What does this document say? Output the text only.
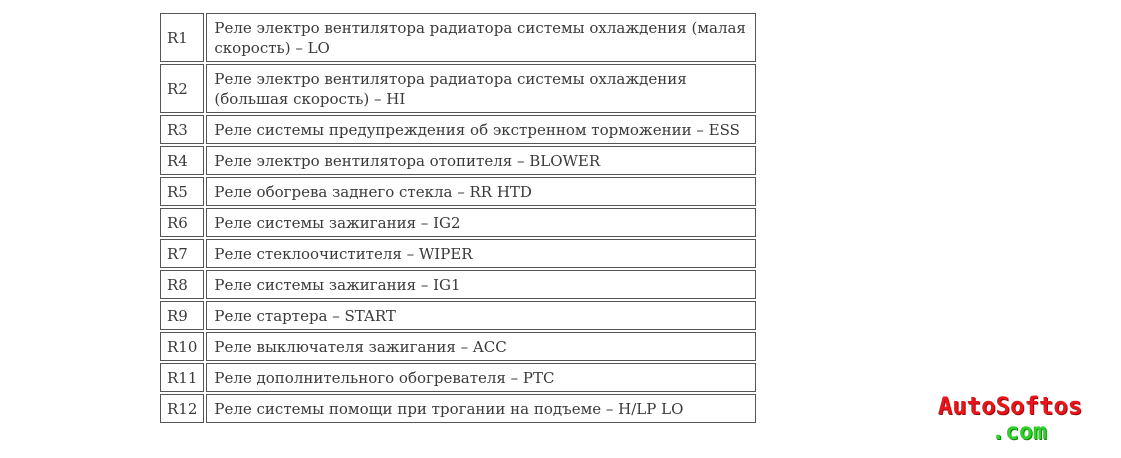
R1	Реле электро вентилятора радиатора системы охлаждения (малая скорость) – LO
R2	Реле электро вентилятора радиатора системы охлаждения (большая скорость) – HI
R3	Реле системы предупреждения об экстренном торможении – ESS
R4	Реле электро вентилятора отопителя – BLOWER
R5	Реле обогрева заднего стекла – RR HTD
R6	Реле системы зажигания – IG2
R7	Реле стеклоочистителя – WIPER
R8	Реле системы зажигания – IG1
R9	Реле стартера – START
R10	Реле выключателя зажигания – ACC
R11	Реле дополнительного обогревателя – PTC
R12	Реле системы помощи при трогании на подъеме – H/LP LO	AutoSoftos
.com
